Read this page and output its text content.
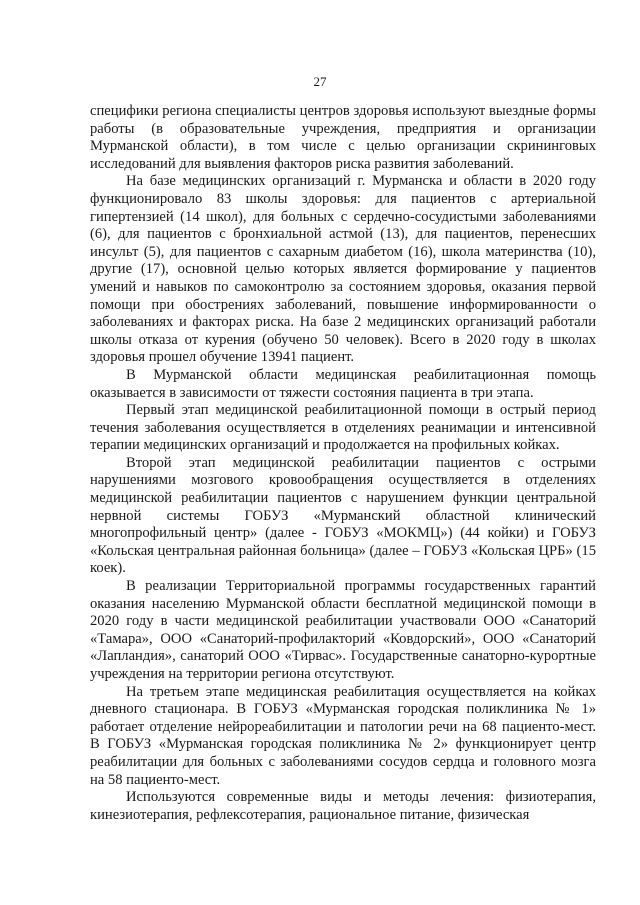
27

специфики региона специалисты центров здоровья используют выездные формы работы (в образовательные учреждения, предприятия и организации Мурманской области), в том числе с целью организации скрининговых исследований для выявления факторов риска развития заболеваний.

На базе медицинских организаций г. Мурманска и области в 2020 году функционировало 83 школы здоровья: для пациентов с артериальной гипертензией (14 школ), для больных с сердечно-сосудистыми заболеваниями (6), для пациентов с бронхиальной астмой (13), для пациентов, перенесших инсульт (5), для пациентов с сахарным диабетом (16), школа материнства (10), другие (17), основной целью которых является формирование у пациентов умений и навыков по самоконтролю за состоянием здоровья, оказания первой помощи при обострениях заболеваний, повышение информированности о заболеваниях и факторах риска. На базе 2 медицинских организаций работали школы отказа от курения (обучено 50 человек). Всего в 2020 году в школах здоровья прошел обучение 13941 пациент.

В Мурманской области медицинская реабилитационная помощь оказывается в зависимости от тяжести состояния пациента в три этапа.

Первый этап медицинской реабилитационной помощи в острый период течения заболевания осуществляется в отделениях реанимации и интенсивной терапии медицинских организаций и продолжается на профильных койках.

Второй этап медицинской реабилитации пациентов с острыми нарушениями мозгового кровообращения осуществляется в отделениях медицинской реабилитации пациентов с нарушением функции центральной нервной системы ГОБУЗ «Мурманский областной клинический многопрофильный центр» (далее - ГОБУЗ «МОКМЦ») (44 койки) и ГОБУЗ «Кольская центральная районная больница» (далее – ГОБУЗ «Кольская ЦРБ» (15 коек).

В реализации Территориальной программы государственных гарантий оказания населению Мурманской области бесплатной медицинской помощи в 2020 году в части медицинской реабилитации участвовали ООО «Санаторий «Тамара», ООО «Санаторий-профилакторий «Ковдорский», ООО «Санаторий «Лапландия», санаторий ООО «Тирвас». Государственные санаторно-курортные учреждения на территории региона отсутствуют.

На третьем этапе медицинская реабилитация осуществляется на койках дневного стационара. В ГОБУЗ «Мурманская городская поликлиника № 1» работает отделение нейрореабилитации и патологии речи на 68 пациенто-мест. В ГОБУЗ «Мурманская городская поликлиника № 2» функционирует центр реабилитации для больных с заболеваниями сосудов сердца и головного мозга на 58 пациенто-мест.

Используются современные виды и методы лечения: физиотерапия, кинезиотерапия, рефлексотерапия, рациональное питание, физическая
